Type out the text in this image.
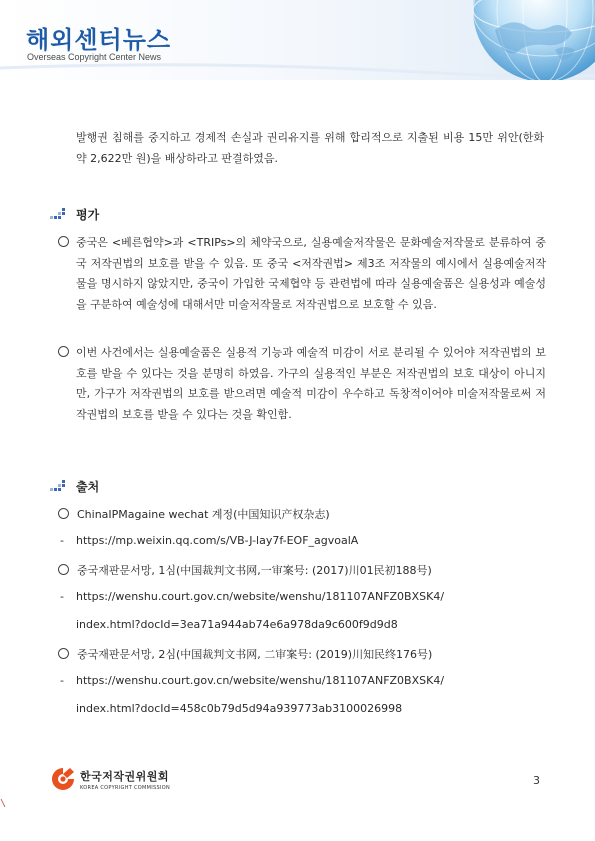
해외센터뉴스
Overseas Copyright Center News
발행권 침해를 중지하고 경제적 손실과 권리유지를 위해 합리적으로 지출된 비용 15만 위안(한화 약 2,622만 원)을 배상하라고 판결하였음.
평가
중국은 <베른협약>과 <TRIPs>의 체약국으로, 실용예술저작물은 문화예술저작물로 분류하여 중국 저작권법의 보호를 받을 수 있음. 또 중국 <저작권법> 제3조 저작물의 예시에서 실용예술저작물을 명시하지 않았지만, 중국이 가입한 국제협약 등 관련법에 따라 실용예술품은 실용성과 예술성을 구분하여 예술성에 대해서만 미술저작물로 저작권법으로 보호할 수 있음.
이번 사건에서는 실용예술품은 실용적 기능과 예술적 미감이 서로 분리될 수 있어야 저작권법의 보호를 받을 수 있다는 것을 분명히 하였음. 가구의 실용적인 부분은 저작권법의 보호 대상이 아니지만, 가구가 저작권법의 보호를 받으려면 예술적 미감이 우수하고 독창적이어야 미술저작물로써 저작권법의 보호를 받을 수 있다는 것을 확인함.
출처
ChinaIPMagaine wechat 계정(中国知识产权杂志)
- https://mp.weixin.qq.com/s/VB-J-lay7f-EOF_agvoalA
중국재판문서망, 1심(中国裁判文书网,一审案号: (2017)川01民初188号)
- https://wenshu.court.gov.cn/website/wenshu/181107ANFZ0BXSK4/
index.html?docId=3ea71a944ab74e6a978da9c600f9d9d8
중국재판문서망, 2심(中国裁判文书网, 二审案号: (2019)川知民终176号)
- https://wenshu.court.gov.cn/website/wenshu/181107ANFZ0BXSK4/
index.html?docId=458c0b79d5d94a939773ab3100026998
한국저작권위원회
KOREA COPYRIGHT COMMISSION
3
